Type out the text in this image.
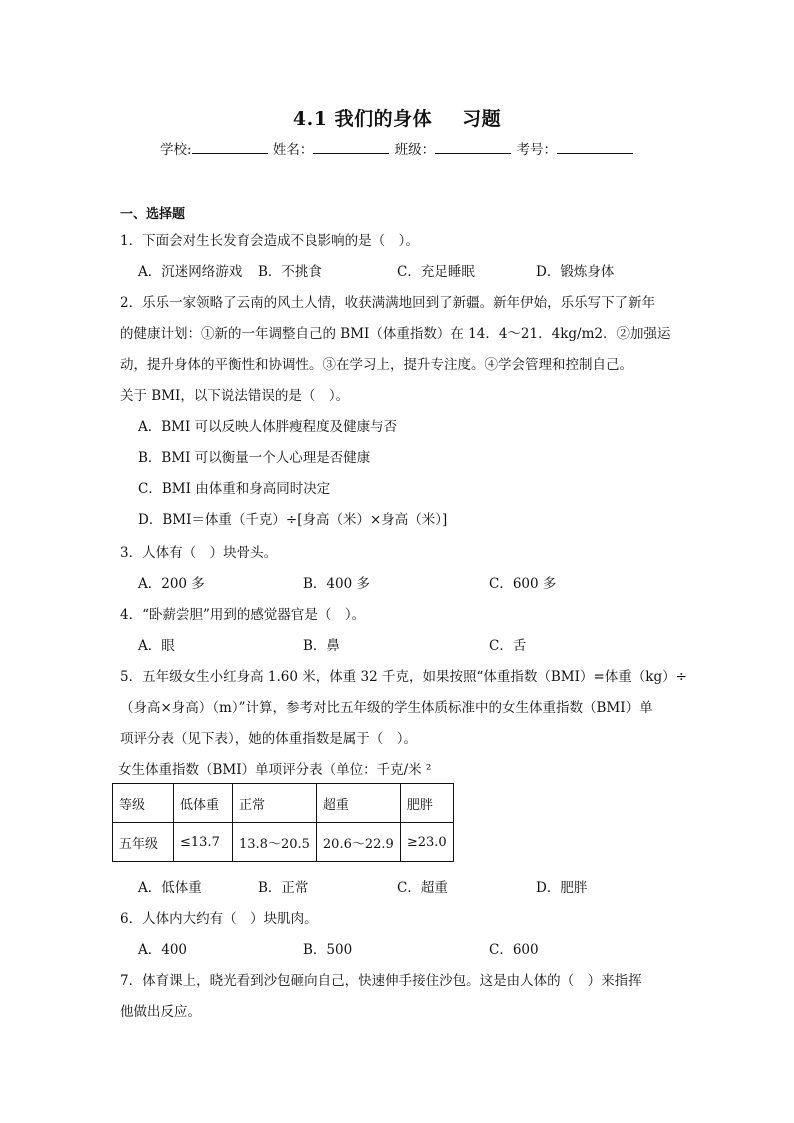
4.1 我们的身体 习题
学校:	姓名：	班级：	考号：
一、选择题
1．下面会对生长发育会造成不良影响的是（　）。
A．沉迷网络游戏 B．不挑食	C．充足睡眠	D．锻炼身体
2．乐乐一家领略了云南的风土人情，收获满满地回到了新疆。新年伊始，乐乐写下了新年
的健康计划：①新的一年调整自己的 BMI（体重指数）在 14．4～21．4kg/m2．②加强运
动，提升身体的平衡性和协调性。③在学习上，提升专注度。④学会管理和控制自己。
关于 BMI，以下说法错误的是（　）。
A．BMI 可以反映人体胖瘦程度及健康与否
B．BMI 可以衡量一个人心理是否健康
C．BMI 由体重和身高同时决定
D．BMI＝体重（千克）÷[身高（米）×身高（米）]
3．人体有（　）块骨头。
A．200 多	B．400 多	C．600 多
4．“卧薪尝胆”用到的感觉器官是（　）。
A．眼	B．鼻	C．舌
5．五年级女生小红身高 1.60 米，体重 32 千克，如果按照“体重指数（BMI）=体重（kg）÷
（身高×身高）（m）”计算，参考对比五年级的学生体质标准中的女生体重指数（BMI）单
项评分表（见下表），她的体重指数是属于（　）。
女生体重指数（BMI）单项评分表（单位：千克/米 ²
等级	低体重	正常	超重	肥胖
五年级	≤13.7	13.8～20.5	20.6～22.9	≥23.0
A．低体重	B．正常	C．超重	D．肥胖
6．人体内大约有（　）块肌肉。
A．400	B．500	C．600
7．体育课上，晓光看到沙包砸向自己，快速伸手接住沙包。这是由人体的（　）来指挥
他做出反应。
